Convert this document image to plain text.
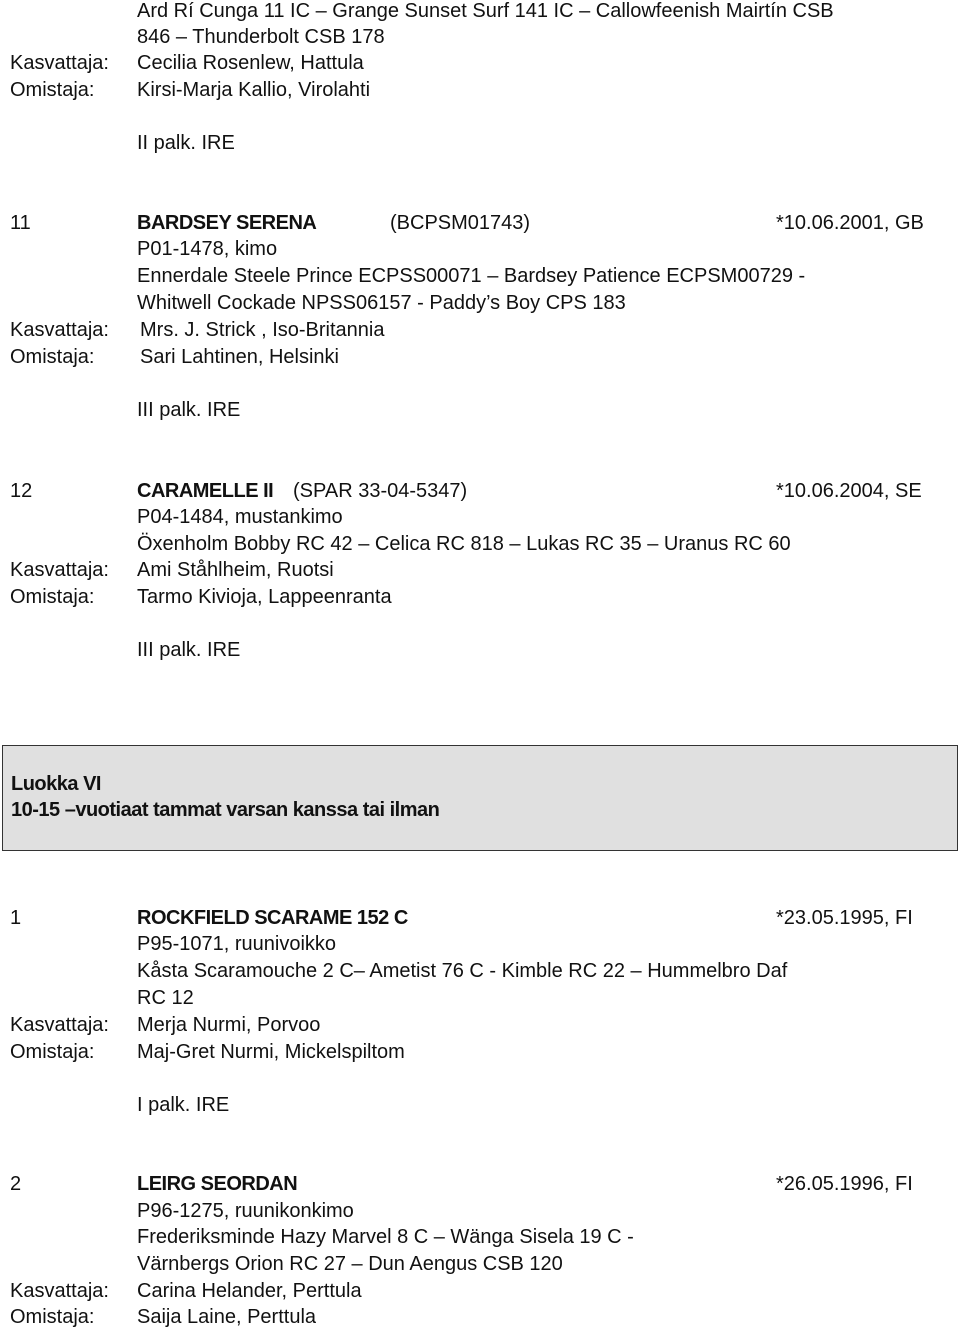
Ard Rí Cunga 11 IC – Grange Sunset Surf 141 IC – Callowfeenish Mairtín CSB
846 – Thunderbolt CSB 178
Kasvattaja: Cecilia Rosenlew, Hattula
Omistaja: Kirsi-Marja Kallio, Virolahti
II palk. IRE
11	BARDSEY SERENA	(BCPSM01743)	*10.06.2001, GB
P01-1478, kimo
Ennerdale Steele Prince ECPSS00071 – Bardsey Patience ECPSM00729 -
Whitwell Cockade NPSS06157 - Paddy’s Boy CPS 183
Kasvattaja: Mrs. J. Strick , Iso-Britannia
Omistaja: Sari Lahtinen, Helsinki
III palk. IRE
12	CARAMELLE II (SPAR 33-04-5347)	*10.06.2004, SE
P04-1484, mustankimo
Öxenholm Bobby RC 42 – Celica RC 818 – Lukas RC 35 – Uranus RC 60
Kasvattaja: Ami Ståhlheim, Ruotsi
Omistaja: Tarmo Kivioja, Lappeenranta
III palk. IRE
Luokka VI
10-15 –vuotiaat tammat varsan kanssa tai ilman
1	ROCKFIELD SCARAME 152 C	*23.05.1995, FI
P95-1071, ruunivoikko
Kåsta Scaramouche 2 C– Ametist 76 C - Kimble RC 22 – Hummelbro Daf
RC 12
Kasvattaja: Merja Nurmi, Porvoo
Omistaja: Maj-Gret Nurmi, Mickelspiltom
I palk. IRE
2	LEIRG SEORDAN	*26.05.1996, FI
P96-1275, ruunikonkimo
Frederiksminde Hazy Marvel 8 C – Wänga Sisela 19 C -
Värnbergs Orion RC 27 – Dun Aengus CSB 120
Kasvattaja: Carina Helander, Perttula
Omistaja: Saija Laine, Perttula
